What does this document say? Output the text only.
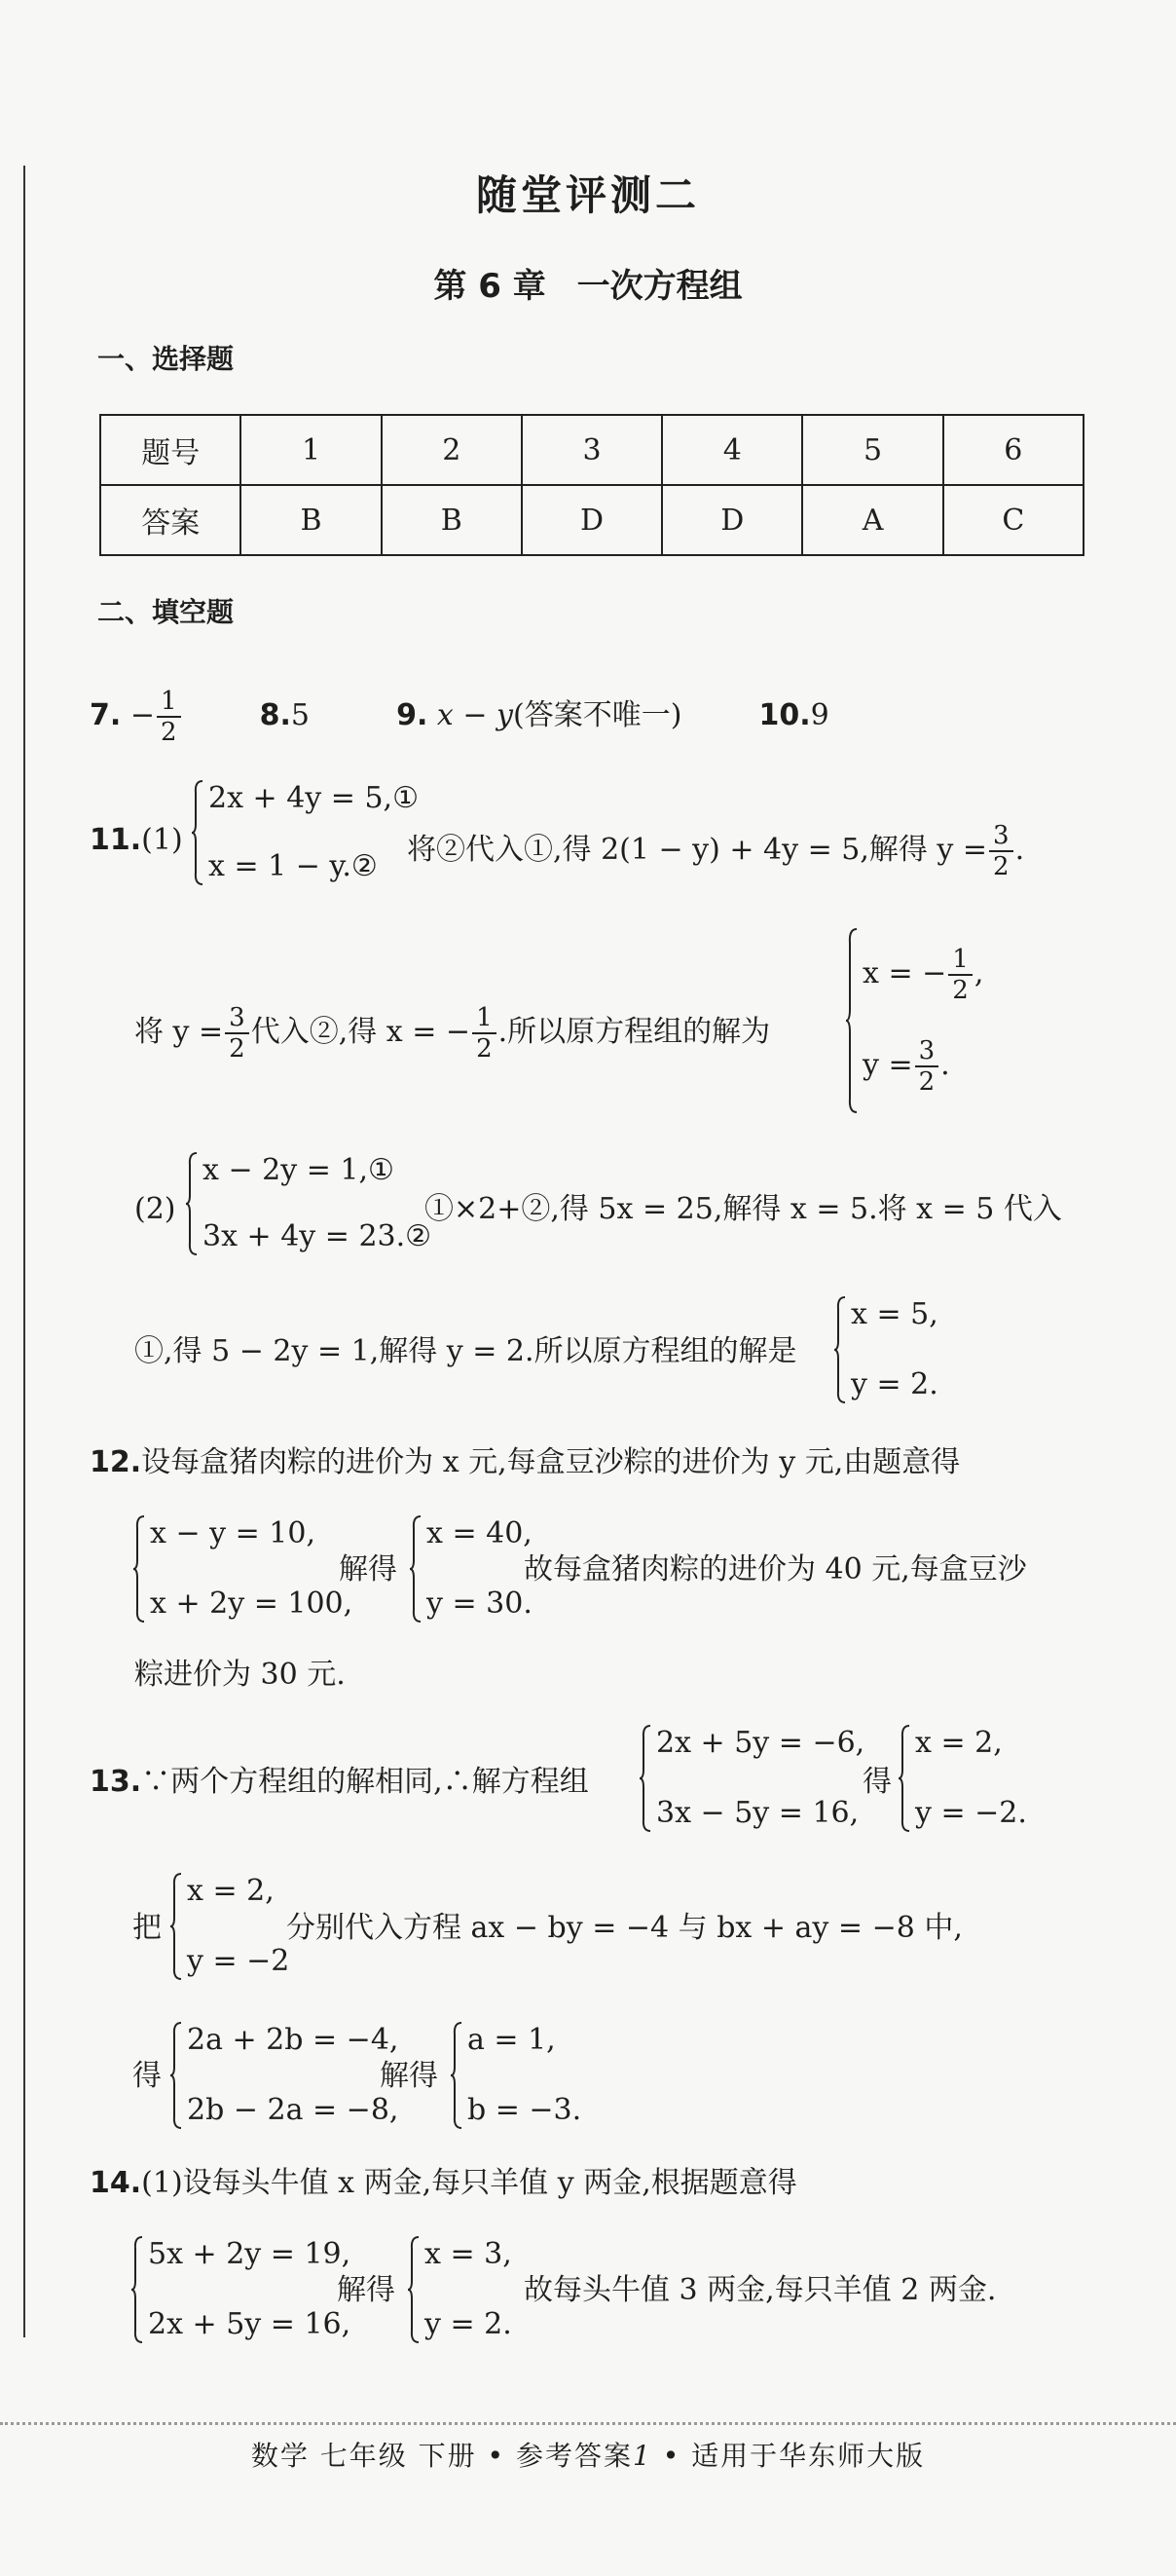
随堂评测二
第 6 章 一次方程组
一、选择题
题号	1	2	3	4	5	6
答案	B	B	D	D	A	C
二、填空题
7. − $\frac{1}{2}$	8.5	9. x − y(答案不唯一)	10.9
11.(1)
2x + 4y = 5,①
x = 1 − y.② 将②代入①,得 2(1 − y) + 4y = 5,解得 $y = \frac{3}{2}$ .
将 $y = \frac{3}{2}$ 代入②,得 x = − $\frac{1}{2}$ .所以原方程组的解为
x = − $\frac{1}{2}$ ,
$y = \frac{3}{2}$ .
(2)
x − 2y = 1,①
3x + 4y = 23.②
①×2+②,得 5x = 25,解得 x = 5.将 x = 5 代入
①,得 5 − 2y = 1,解得 y = 2.所以原方程组的解是
x = 5,
y = 2.
12.设每盒猪肉粽的进价为 x 元,每盒豆沙粽的进价为 y 元,由题意得
x − y = 10,
x + 2y = 100,
解得
x = 40,
y = 30.
故每盒猪肉粽的进价为 40 元,每盒豆沙
粽进价为 30 元.
13.∵两个方程组的解相同,∴解方程组
2x + 5y = −6,
3x − 5y = 16,
得
x = 2,
y = −2.
把
x = 2,
y = −2
分别代入方程 ax − by = −4 与 bx + ay = −8 中,
得
2a + 2b = −4,
2b − 2a = −8,
解得
a = 1,
b = −3.
14.(1)设每头牛值 x 两金,每只羊值 y 两金,根据题意得
5x + 2y = 19,
2x + 5y = 16,
解得
x = 3,
y = 2.
故每头牛值 3 两金,每只羊值 2 两金.
数学 七年级 下册 • 参考答案1 • 适用于华东师大版
